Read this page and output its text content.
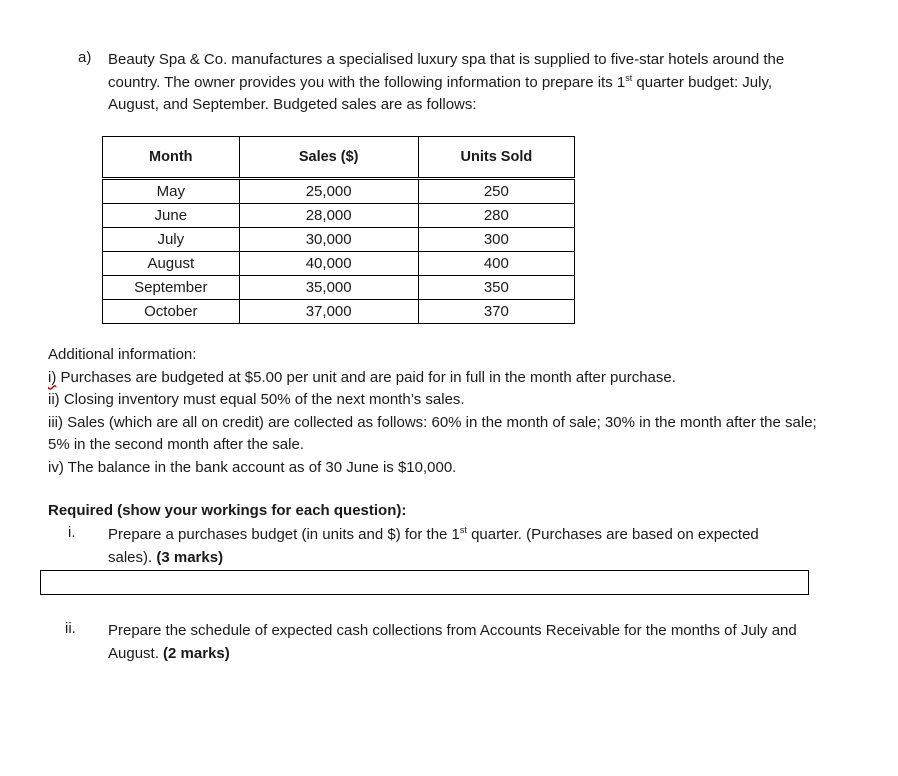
a) Beauty Spa & Co. manufactures a specialised luxury spa that is supplied to five-star hotels around the country. The owner provides you with the following information to prepare its 1st quarter budget: July, August, and September. Budgeted sales are as follows:
Month	Sales ($)	Units Sold
May	25,000	250
June	28,000	280
July	30,000	300
August	40,000	400
September	35,000	350
October	37,000	370

Additional information:

i) Purchases are budgeted at $5.00 per unit and are paid for in full in the month after purchase.

ii) Closing inventory must equal 50% of the next month’s sales.

iii) Sales (which are all on credit) are collected as follows: 60% in the month of sale; 30% in the month after the sale; 5% in the second month after the sale.

iv) The balance in the bank account as of 30 June is $10,000.

Required (show your workings for each question):
i. Prepare a purchases budget (in units and $) for the 1st quarter. (Purchases are based on expected sales). (3 marks)
ii. Prepare the schedule of expected cash collections from Accounts Receivable for the months of July and August. (2 marks)
